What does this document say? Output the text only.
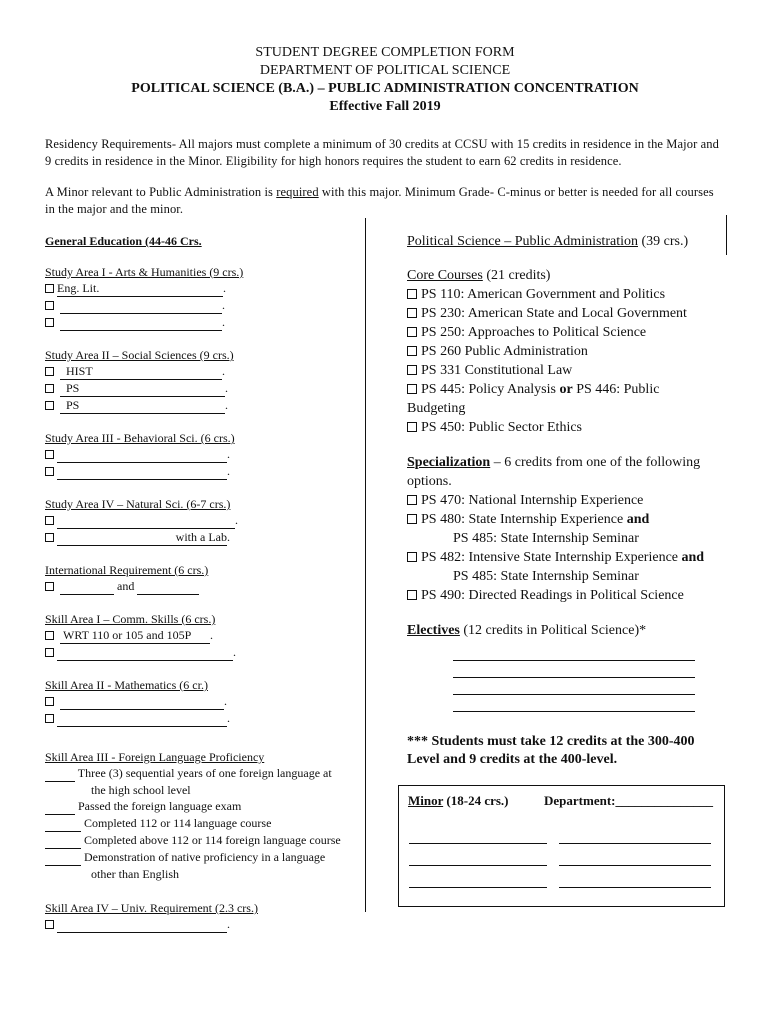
STUDENT DEGREE COMPLETION FORM
DEPARTMENT OF POLITICAL SCIENCE
POLITICAL SCIENCE (B.A.) – PUBLIC ADMINISTRATION CONCENTRATION
Effective Fall 2019
Residency Requirements- All majors must complete a minimum of 30 credits at CCSU with 15 credits in residence in the Major and 9 credits in residence in the Minor. Eligibility for high honors requires the student to earn 62 credits in residence.
A Minor relevant to Public Administration is required with this major. Minimum Grade- C-minus or better is needed for all courses in the major and the minor.
General Education (44-46 Crs.
Study Area I - Arts & Humanities (9 crs.)
Eng. Lit.	.
.
.
Study Area II – Social Sciences (9 crs.)
HIST	.
PS	.
PS	.
Study Area III - Behavioral Sci. (6 crs.)
.
.
Study Area IV – Natural Sci. (6-7 crs.)
.
with a Lab.
International Requirement (6 crs.)
and
Skill Area I – Comm. Skills (6 crs.)
WRT 110 or 105 and 105P .
.
Skill Area II - Mathematics (6 cr.)
.
.
Skill Area III - Foreign Language Proficiency
Three (3) sequential years of one foreign language at
the high school level
Passed the foreign language exam
Completed 112 or 114 language course
Completed above 112 or 114 foreign language course
Demonstration of native proficiency in a language
other than English
Skill Area IV – Univ. Requirement (2.3 crs.)
.
Political Science – Public Administration (39 crs.)
Core Courses (21 credits)
PS 110: American Government and Politics
PS 230: American State and Local Government
PS 250: Approaches to Political Science
PS 260 Public Administration
PS 331 Constitutional Law
PS 445: Policy Analysis or PS 446: Public
Budgeting
PS 450: Public Sector Ethics
Specialization – 6 credits from one of the following
options.
PS 470: National Internship Experience
PS 480: State Internship Experience and
PS 485: State Internship Seminar
PS 482: Intensive State Internship Experience and
PS 485: State Internship Seminar
PS 490: Directed Readings in Political Science
Electives (12 credits in Political Science)*
*** Students must take 12 credits at the 300-400
Level and 9 credits at the 400-level.
Minor (18-24 crs.)	Department:_______________
